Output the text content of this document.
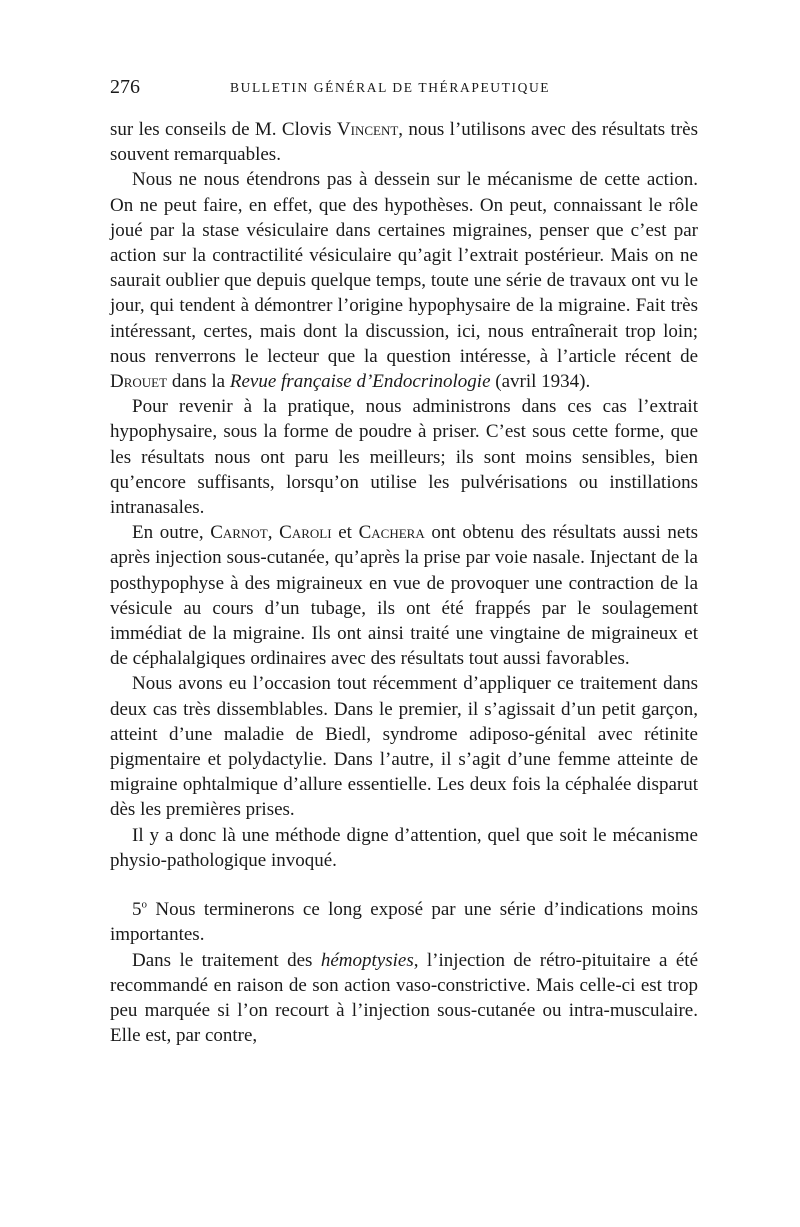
276	BULLETIN GÉNÉRAL DE THÉRAPEUTIQUE

sur les conseils de M. Clovis Vincent, nous l’utilisons avec des résultats très souvent remarquables.

Nous ne nous étendrons pas à dessein sur le mécanisme de cette action. On ne peut faire, en effet, que des hypothèses. On peut, connaissant le rôle joué par la stase vésiculaire dans certaines migraines, penser que c’est par action sur la contractilité vésiculaire qu’agit l’extrait postérieur. Mais on ne saurait oublier que depuis quelque temps, toute une série de travaux ont vu le jour, qui tendent à démontrer l’origine hypophysaire de la migraine. Fait très intéressant, certes, mais dont la discussion, ici, nous entraînerait trop loin; nous renverrons le lecteur que la question intéresse, à l’article récent de Drouet dans la Revue française d’Endocrinologie (avril 1934).

Pour revenir à la pratique, nous administrons dans ces cas l’extrait hypophysaire, sous la forme de poudre à priser. C’est sous cette forme, que les résultats nous ont paru les meilleurs; ils sont moins sensibles, bien qu’encore suffisants, lorsqu’on utilise les pulvérisations ou instillations intranasales.

En outre, Carnot, Caroli et Cachera ont obtenu des résultats aussi nets après injection sous-cutanée, qu’après la prise par voie nasale. Injectant de la posthypophyse à des migraineux en vue de provoquer une contraction de la vésicule au cours d’un tubage, ils ont été frappés par le soulagement immédiat de la migraine. Ils ont ainsi traité une vingtaine de migraineux et de céphalalgiques ordinaires avec des résultats tout aussi favorables.

Nous avons eu l’occasion tout récemment d’appliquer ce traitement dans deux cas très dissemblables. Dans le premier, il s’agissait d’un petit garçon, atteint d’une maladie de Biedl, syndrome adiposo-génital avec rétinite pigmentaire et polydactylie. Dans l’autre, il s’agit d’une femme atteinte de migraine ophtalmique d’allure essentielle. Les deux fois la céphalée disparut dès les premières prises.

Il y a donc là une méthode digne d’attention, quel que soit le mécanisme physio-pathologique invoqué.

5$^o$ Nous terminerons ce long exposé par une série d’indications moins importantes.

Dans le traitement des hémoptysies, l’injection de rétro-pituitaire a été recommandé en raison de son action vaso-constrictive. Mais celle-ci est trop peu marquée si l’on recourt à l’injection sous-cutanée ou intra-musculaire. Elle est, par contre,
